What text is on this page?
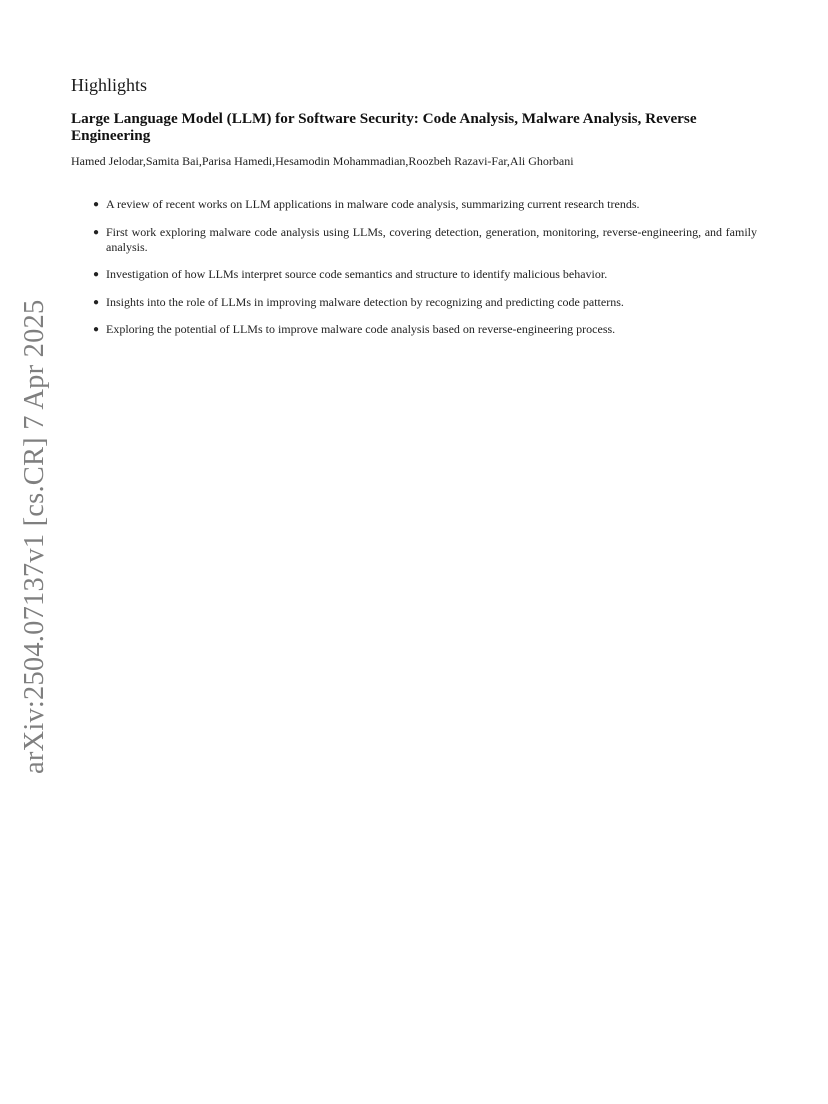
Highlights
Large Language Model (LLM) for Software Security: Code Analysis, Malware Analysis, Reverse Engineering
Hamed Jelodar,Samita Bai,Parisa Hamedi,Hesamodin Mohammadian,Roozbeh Razavi-Far,Ali Ghorbani
● A review of recent works on LLM applications in malware code analysis, summarizing current research trends.
● First work exploring malware code analysis using LLMs, covering detection, generation, monitoring, reverse-engineering, and family analysis.
● Investigation of how LLMs interpret source code semantics and structure to identify malicious behavior.
● Insights into the role of LLMs in improving malware detection by recognizing and predicting code patterns.
● Exploring the potential of LLMs to improve malware code analysis based on reverse-engineering process.
arXiv:2504.07137v1 [cs.CR] 7 Apr 2025
